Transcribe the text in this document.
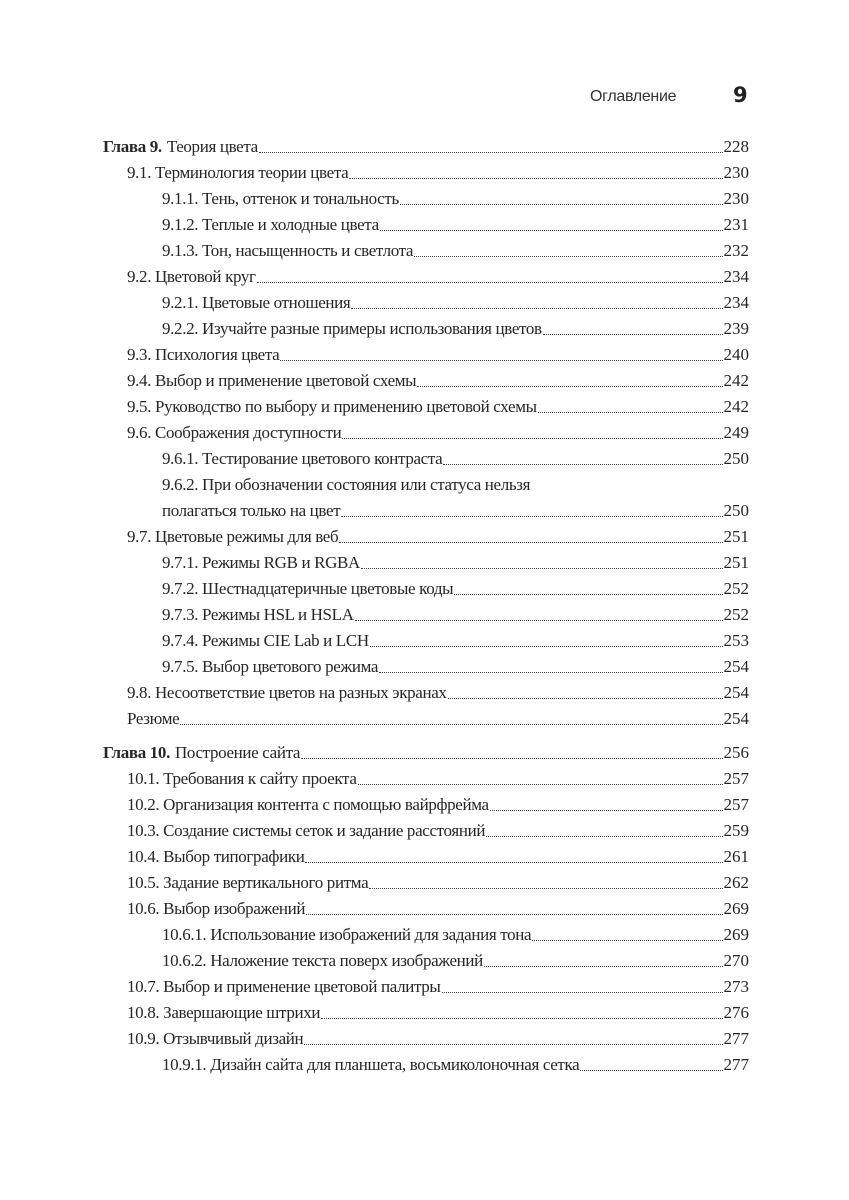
Оглавление	9
Глава 9. Теория цвета	228
9.1. Терминология теории цвета	230
9.1.1. Тень, оттенок и тональность	230
9.1.2. Теплые и холодные цвета	231
9.1.3. Тон, насыщенность и светлота	232
9.2. Цветовой круг	234
9.2.1. Цветовые отношения	234
9.2.2. Изучайте разные примеры использования цветов	239
9.3. Психология цвета	240
9.4. Выбор и применение цветовой схемы	242
9.5. Руководство по выбору и применению цветовой схемы	242
9.6. Соображения доступности	249
9.6.1. Тестирование цветового контраста	250
9.6.2. При обозначении состояния или статуса нельзя
полагаться только на цвет	250
9.7. Цветовые режимы для веб	251
9.7.1. Режимы RGB и RGBA	251
9.7.2. Шестнадцатеричные цветовые коды	252
9.7.3. Режимы HSL и HSLA	252
9.7.4. Режимы CIE Lab и LCH	253
9.7.5. Выбор цветового режима	254
9.8. Несоответствие цветов на разных экранах	254
Резюме	254
Глава 10. Построение сайта	256
10.1. Требования к сайту проекта	257
10.2. Организация контента с помощью вайрфрейма	257
10.3. Создание системы сеток и задание расстояний	259
10.4. Выбор типографики	261
10.5. Задание вертикального ритма	262
10.6. Выбор изображений	269
10.6.1. Использование изображений для задания тона	269
10.6.2. Наложение текста поверх изображений	270
10.7. Выбор и применение цветовой палитры	273
10.8. Завершающие штрихи	276
10.9. Отзывчивый дизайн	277
10.9.1. Дизайн сайта для планшета, восьмиколоночная сетка	277
